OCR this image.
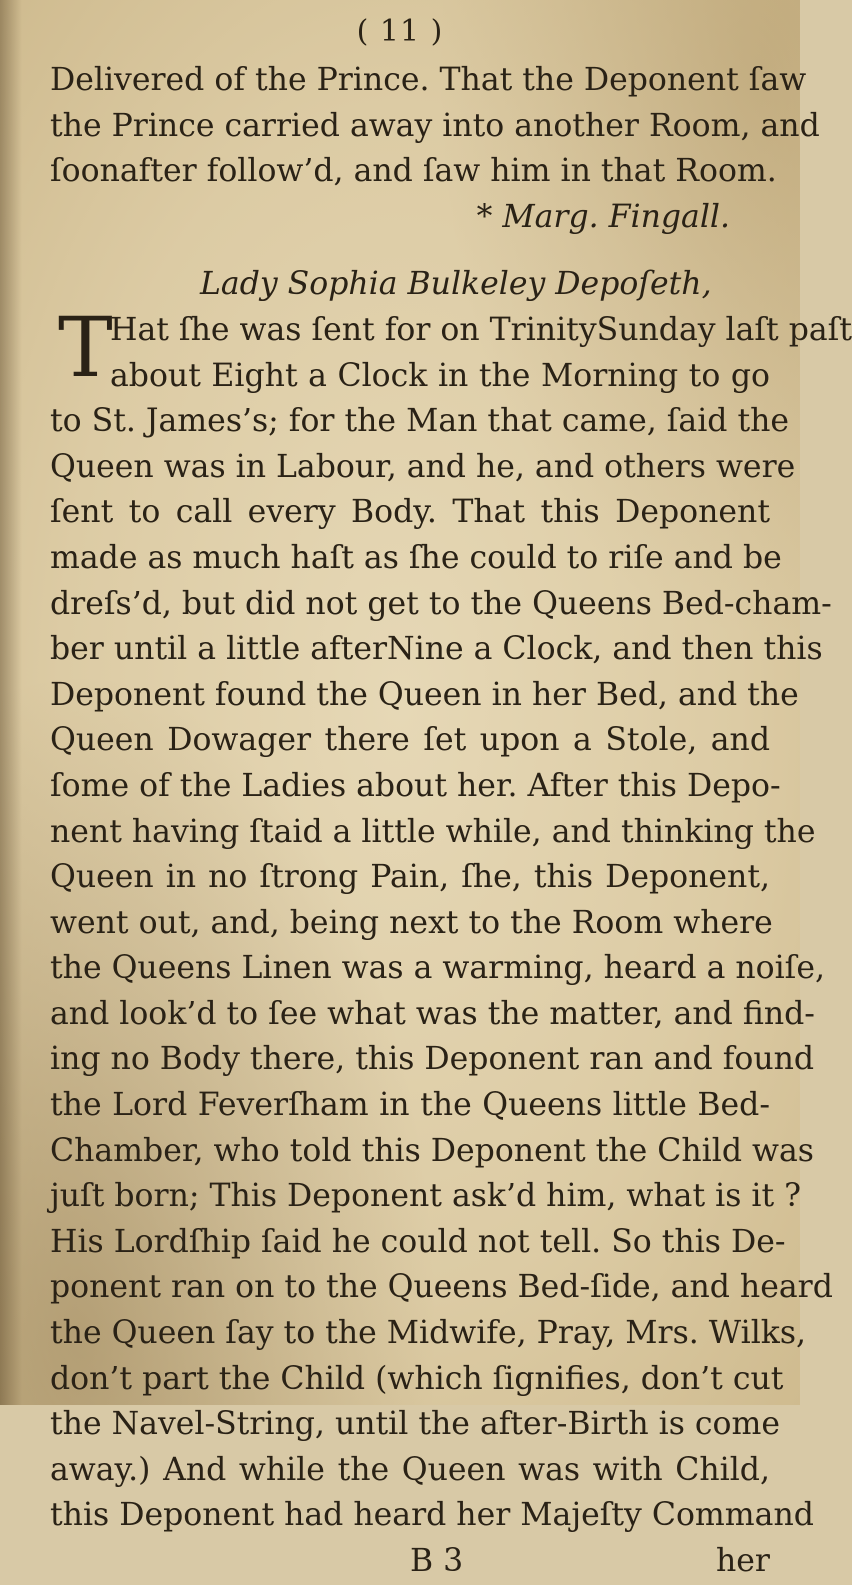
( 11 )
Delivered of the Prince. That the Deponent ſaw
the Prince carried away into another Room, and
ſoonafter follow’d, and ſaw him in that Room.
* Marg. Fingall.
Lady Sophia Bulkeley Depoſeth,
T
Hat ſhe was ſent for on TrinitySunday laſt paſt
about Eight a Clock in the Morning to go
to St. James’s; for the Man that came, ſaid the
Queen was in Labour, and he, and others were
ſent to call every Body. That this Deponent
made as much haſt as ſhe could to riſe and be
dreſs’d, but did not get to the Queens Bed-cham-
ber until a little afterNine a Clock, and then this
Deponent found the Queen in her Bed, and the
Queen Dowager there ſet upon a Stole, and
ſome of the Ladies about her. After this Depo-
nent having ſtaid a little while, and thinking the
Queen in no ſtrong Pain, ſhe, this Deponent,
went out, and, being next to the Room where
the Queens Linen was a warming, heard a noiſe,
and look’d to ſee what was the matter, and find-
ing no Body there, this Deponent ran and found
the Lord Feverſham in the Queens little Bed-
Chamber, who told this Deponent the Child was
juſt born; This Deponent ask’d him, what is it ?
His Lordſhip ſaid he could not tell. So this De-
ponent ran on to the Queens Bed-ſide, and heard
the Queen ſay to the Midwife, Pray, Mrs. Wilks,
don’t part the Child (which ſignifies, don’t cut
the Navel-String, until the after-Birth is come
away.) And while the Queen was with Child,
this Deponent had heard her Majeſty Command
B 3	her
